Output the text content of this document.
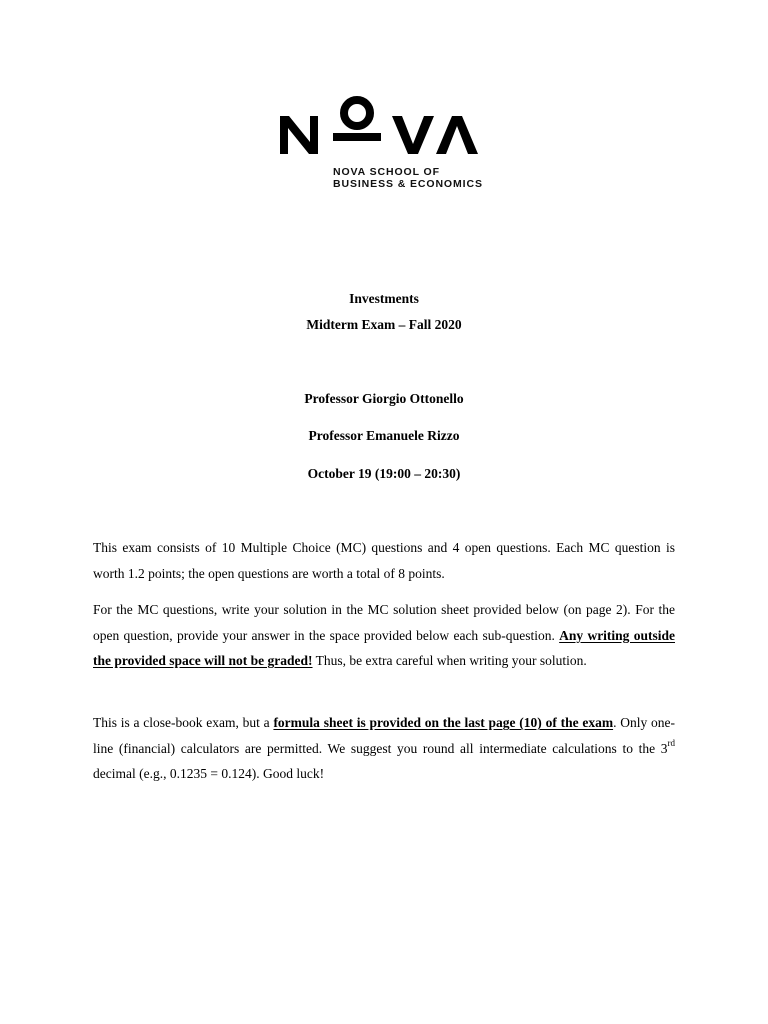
NOVA SCHOOL OF
BUSINESS & ECONOMICS
Investments
Midterm Exam – Fall 2020
Professor Giorgio Ottonello
Professor Emanuele Rizzo
October 19 (19:00 – 20:30)
This exam consists of 10 Multiple Choice (MC) questions and 4 open questions. Each MC question is worth 1.2 points; the open questions are worth a total of 8 points.
For the MC questions, write your solution in the MC solution sheet provided below (on page 2). For the open question, provide your answer in the space provided below each sub-question. Any writing outside the provided space will not be graded! Thus, be extra careful when writing your solution.
This is a close-book exam, but a formula sheet is provided on the last page (10) of the exam. Only one-line (financial) calculators are permitted. We suggest you round all intermediate calculations to the 3rd decimal (e.g., 0.1235 = 0.124). Good luck!
